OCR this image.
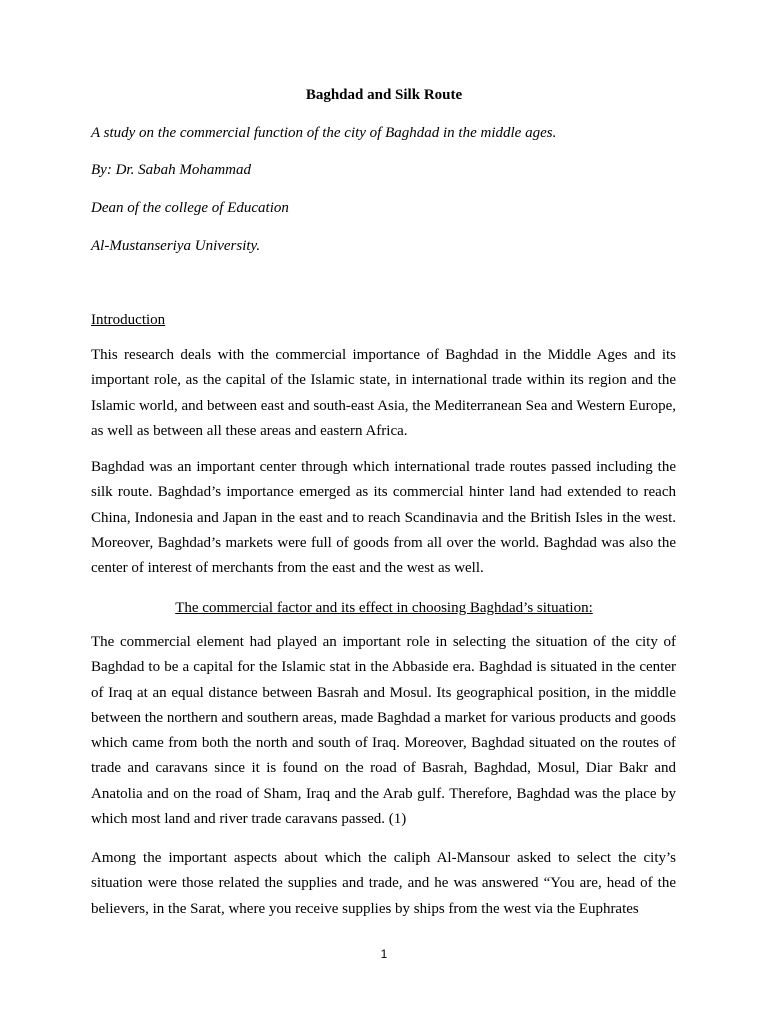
Baghdad and Silk Route
A study on the commercial function of the city of Baghdad in the middle ages.
By: Dr. Sabah Mohammad
Dean of the college of Education
Al-Mustanseriya University.
Introduction

This research deals with the commercial importance of Baghdad in the Middle Ages and its important role, as the capital of the Islamic state, in international trade within its region and the Islamic world, and between east and south-east Asia, the Mediterranean Sea and Western Europe, as well as between all these areas and eastern Africa.

Baghdad was an important center through which international trade routes passed including the silk route. Baghdad’s importance emerged as its commercial hinter land had extended to reach China, Indonesia and Japan in the east and to reach Scandinavia and the British Isles in the west. Moreover, Baghdad’s markets were full of goods from all over the world. Baghdad was also the center of interest of merchants from the east and the west as well.

The commercial factor and its effect in choosing Baghdad’s situation:

The commercial element had played an important role in selecting the situation of the city of Baghdad to be a capital for the Islamic stat in the Abbaside era. Baghdad is situated in the center of Iraq at an equal distance between Basrah and Mosul. Its geographical position, in the middle between the northern and southern areas, made Baghdad a market for various products and goods which came from both the north and south of Iraq. Moreover, Baghdad situated on the routes of trade and caravans since it is found on the road of Basrah, Baghdad, Mosul, Diar Bakr and Anatolia and on the road of Sham, Iraq and the Arab gulf. Therefore, Baghdad was the place by which most land and river trade caravans passed. (1)

Among the important aspects about which the caliph Al-Mansour asked to select the city’s situation were those related the supplies and trade, and he was answered “You are, head of the believers, in the Sarat, where you receive supplies by ships from the west via the Euphrates

1
